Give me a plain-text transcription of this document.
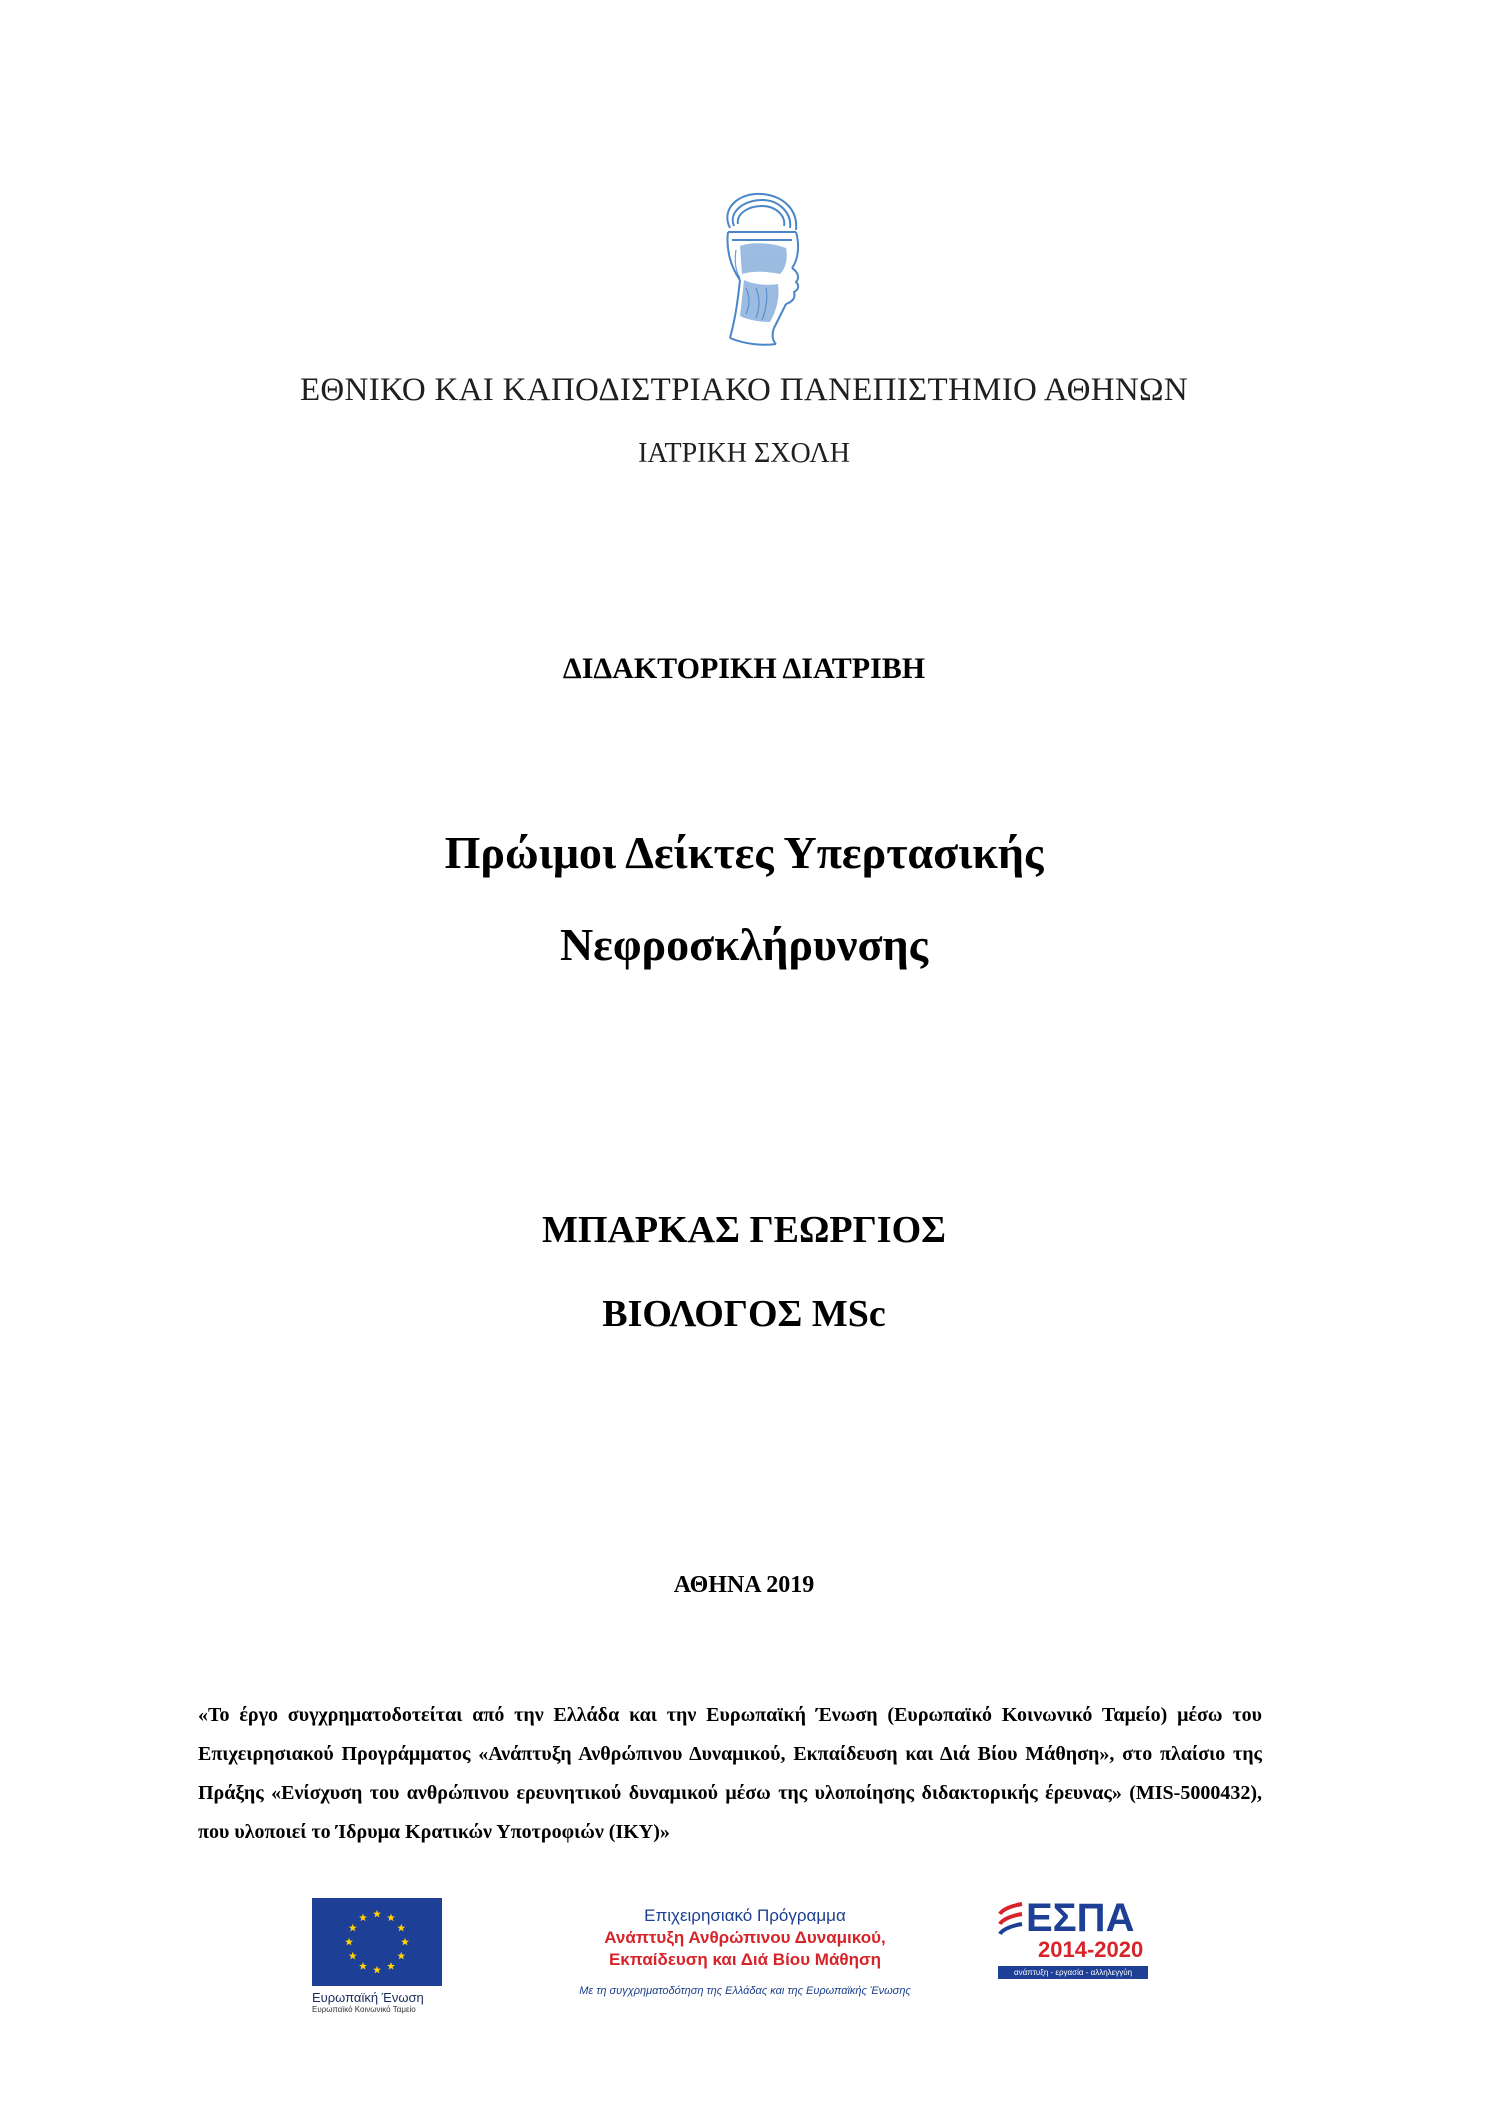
ΕΘΝΙΚΟ ΚΑΙ ΚΑΠΟΔΙΣΤΡΙΑΚΟ ΠΑΝΕΠΙΣΤΗΜΙΟ ΑΘΗΝΩΝ
ΙΑΤΡΙΚΗ ΣΧΟΛΗ
ΔΙΔΑΚΤΟΡΙΚΗ ΔΙΑΤΡΙΒΗ
Πρώιμοι Δείκτες Υπερτασικής
Νεφροσκλήρυνσης
ΜΠΑΡΚΑΣ ΓΕΩΡΓΙΟΣ
ΒΙΟΛΟΓΟΣ MSc
ΑΘΗΝΑ 2019
«Το έργο συγχρηματοδοτείται από την Ελλάδα και την Ευρωπαϊκή Ένωση (Ευρωπαϊκό Κοινωνικό Ταμείο) μέσω του Επιχειρησιακού Προγράμματος «Ανάπτυξη Ανθρώπινου Δυναμικού, Εκπαίδευση και Διά Βίου Μάθηση», στο πλαίσιο της Πράξης «Ενίσχυση του ανθρώπινου ερευνητικού δυναμικού μέσω της υλοποίησης διδακτορικής έρευνας» (MIS-5000432), που υλοποιεί το Ίδρυμα Κρατικών Υποτροφιών (ΙΚΥ)»
Ευρωπαϊκή Ένωση
Ευρωπαϊκό Κοινωνικό Ταμείο
Επιχειρησιακό Πρόγραμμα
Ανάπτυξη Ανθρώπινου Δυναμικού,
Εκπαίδευση και Διά Βίου Μάθηση
Με τη συγχρηματοδότηση της Ελλάδας και της Ευρωπαϊκής Ένωσης
ΕΣΠΑ
2014-2020
ανάπτυξη - εργασία - αλληλεγγύη
